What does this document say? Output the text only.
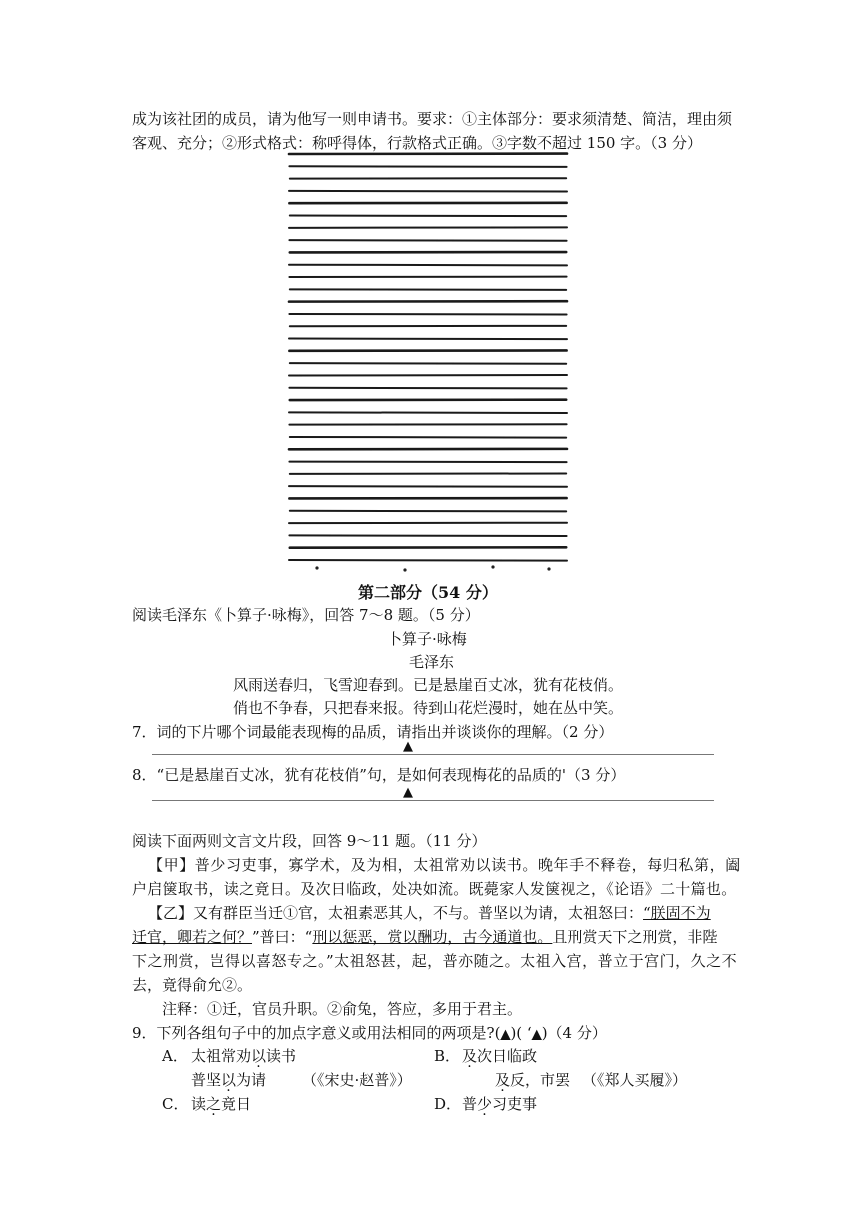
成为该社团的成员，请为他写一则申请书。要求：①主体部分：要求须清楚、简洁，理由须
客观、充分；②形式格式：称呼得体，行款格式正确。③字数不超过 150 字。（3 分）
第二部分（54 分）
阅读毛泽东《卜算子·咏梅》，回答 7～8 题。（5 分）
卜算子·咏梅
毛泽东
风雨送春归，飞雪迎春到。已是悬崖百丈冰，犹有花枝俏。
俏也不争春，只把春来报。待到山花烂漫时，她在丛中笑。
7．词的下片哪个词最能表现梅的品质，请指出并谈谈你的理解。（2 分）
▲
8．“已是悬崖百丈冰，犹有花枝俏”句，是如何表现梅花的品质的'（3 分）
▲
阅读下面两则文言文片段，回答 9～11 题。（11 分）
【甲】普少习吏事，寡学术，及为相，太祖常劝以读书。晚年手不释卷，每归私第，阖
户启箧取书，读之竟日。及次日临政，处决如流。既薨家人发箧视之，《论语》二十篇也。
【乙】又有群臣当迁①官，太祖素恶其人，不与。普坚以为请，太祖怒曰：“朕固不为
迁官，卿若之何？”普曰：“刑以惩恶，赏以酬功，古今通道也。且刑赏天下之刑赏，非陛
下之刑赏，岂得以喜怒专之。”太祖怒甚，起，普亦随之。太祖入宫，普立于宫门，久之不
去，竟得俞允②。
注释：①迁，官员升职。②俞兔，答应，多用于君主。
9．下列各组句子中的加点字意义或用法相同的两项是?(▲)( ‘▲)（4 分）
A． 太祖常劝以读书	B． 及次日临政
普坚以为请 （《宋史·赵普》）	及反，市罢 （《郑人买履》）
C． 读之竟日	D． 普少习吏事
